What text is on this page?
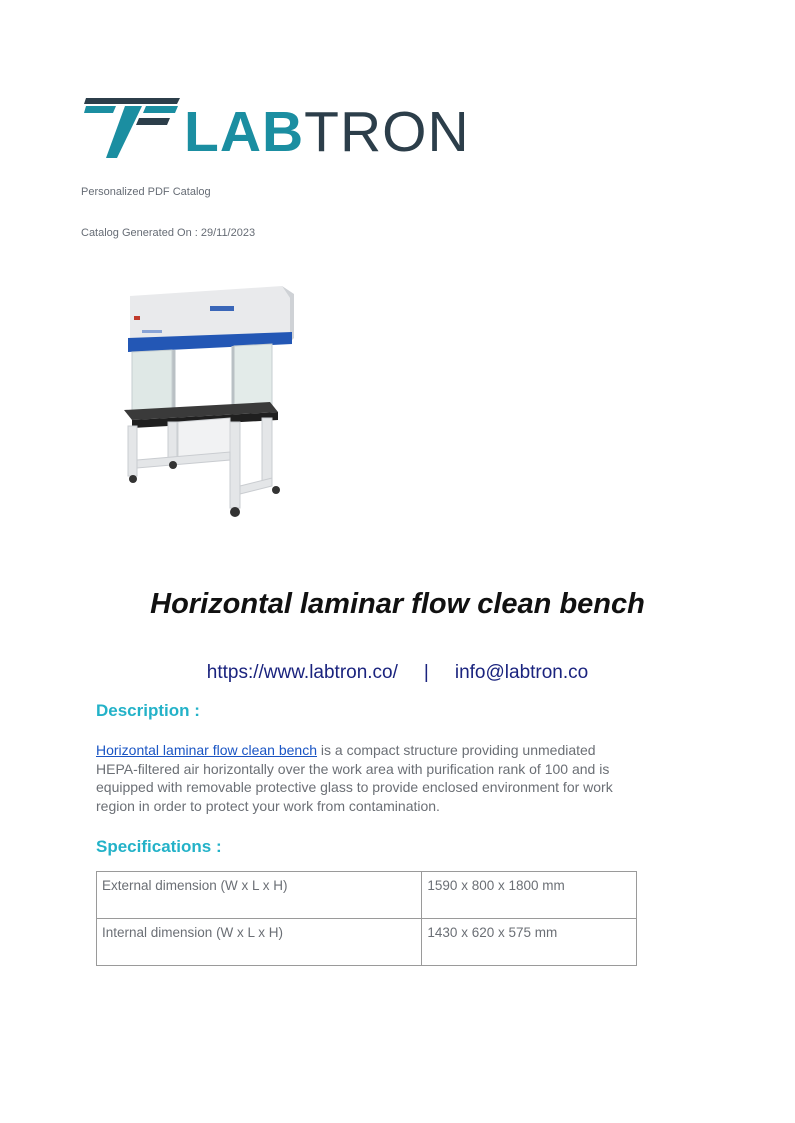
LABTRON
Personalized PDF Catalog
Catalog Generated On : 29/11/2023
Horizontal laminar flow clean bench
https://www.labtron.co/ | info@labtron.co
Description :
Horizontal laminar flow clean bench is a compact structure providing unmediated HEPA-filtered air horizontally over the work area with purification rank of 100 and is equipped with removable protective glass to provide enclosed environment for work region in order to protect your work from contamination.
Specifications :
External dimension (W x L x H)	1590 x 800 x 1800 mm
Internal dimension (W x L x H)	1430 x 620 x 575 mm
